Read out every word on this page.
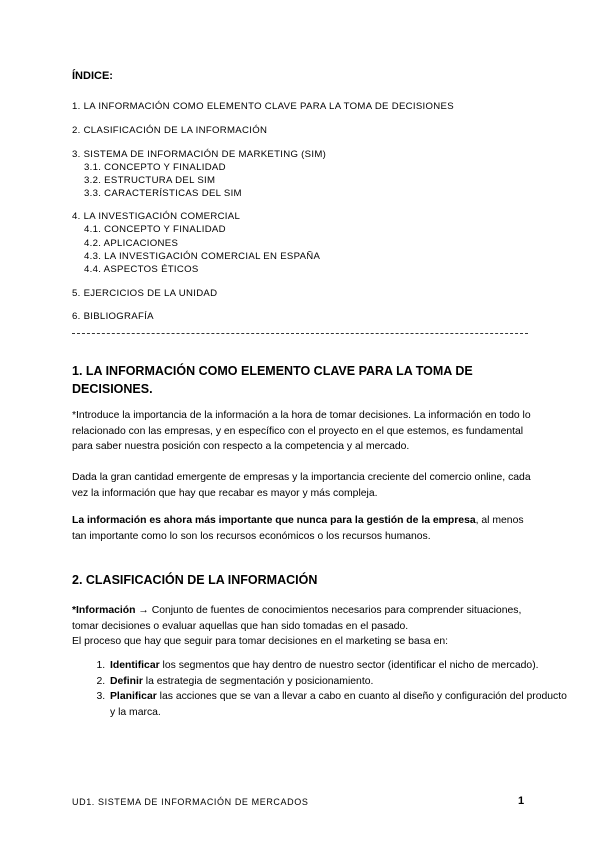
ÍNDICE:
1. LA INFORMACIÓN COMO ELEMENTO CLAVE PARA LA TOMA DE DECISIONES
2. CLASIFICACIÓN DE LA INFORMACIÓN
3. SISTEMA DE INFORMACIÓN DE MARKETING (SIM)
3.1. CONCEPTO Y FINALIDAD
3.2. ESTRUCTURA DEL SIM
3.3. CARACTERÍSTICAS DEL SIM
4. LA INVESTIGACIÓN COMERCIAL
4.1. CONCEPTO Y FINALIDAD
4.2. APLICACIONES
4.3. LA INVESTIGACIÓN COMERCIAL EN ESPAÑA
4.4. ASPECTOS ÉTICOS
5. EJERCICIOS DE LA UNIDAD
6. BIBLIOGRAFÍA
1. LA INFORMACIÓN COMO ELEMENTO CLAVE PARA LA TOMA DE DECISIONES.
*Introduce la importancia de la información a la hora de tomar decisiones. La información en todo lo relacionado con las empresas, y en específico con el proyecto en el que estemos, es fundamental para saber nuestra posición con respecto a la competencia y al mercado.
Dada la gran cantidad emergente de empresas y la importancia creciente del comercio online, cada vez la información que hay que recabar es mayor y más compleja.
La información es ahora más importante que nunca para la gestión de la empresa, al menos tan importante como lo son los recursos económicos o los recursos humanos.
2. CLASIFICACIÓN DE LA INFORMACIÓN
*Información → Conjunto de fuentes de conocimientos necesarios para comprender situaciones, tomar decisiones o evaluar aquellas que han sido tomadas en el pasado.
El proceso que hay que seguir para tomar decisiones en el marketing se basa en:
1. Identificar los segmentos que hay dentro de nuestro sector (identificar el nicho de mercado).
2. Definir la estrategia de segmentación y posicionamiento.
3. Planificar las acciones que se van a llevar a cabo en cuanto al diseño y configuración del producto y la marca.
UD1. SISTEMA DE INFORMACIÓN DE MERCADOS	1
